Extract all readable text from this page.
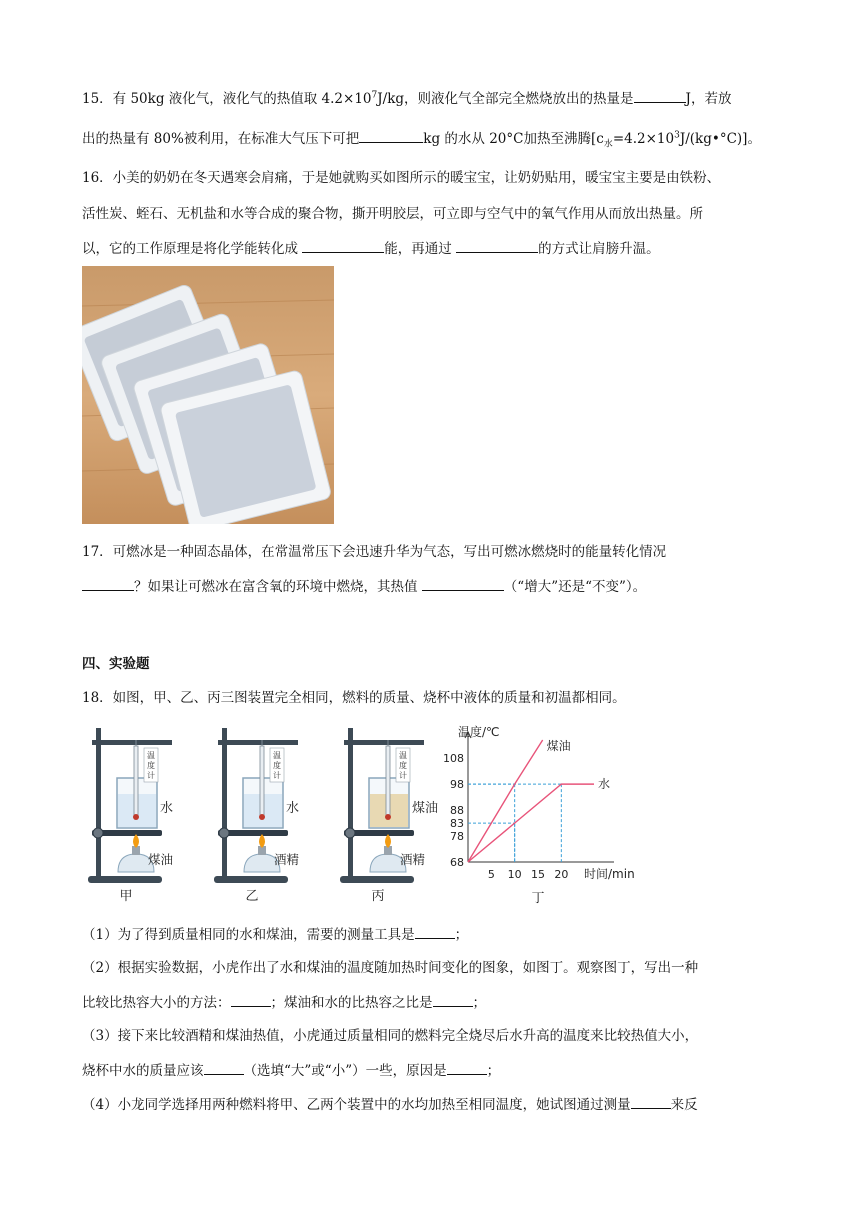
15．有 50kg 液化气，液化气的热值取 $4.2\times 10^7J/kg$，则液化气全部完全燃烧放出的热量是	J，若放
出的热量有 80%被利用，在标准大气压下可把	kg 的水从 20°C加热至沸腾$[c_水=4.2\times 10^3J/(kg•^\circ C)]$。
16．小美的奶奶在冬天遇寒会肩痛，于是她就购买如图所示的暖宝宝，让奶奶贴用，暖宝宝主要是由铁粉、
活性炭、蛭石、无机盐和水等合成的聚合物，撕开明胶层，可立即与空气中的氧气作用从而放出热量。所
以，它的工作原理是将化学能转化成	能，再通过	的方式让肩膀升温。
17．可燃冰是一种固态晶体，在常温常压下会迅速升华为气态，写出可燃冰燃烧时的能量转化情况
？如果让可燃冰在富含氧的环境中燃烧，其热值	（“增大”还是“不变”）。
四、实验题
18．如图，甲、乙、丙三图装置完全相同，燃料的质量、烧杯中液体的质量和初温都相同。
温
度
计
水
煤油
甲
温
度
计
水
酒精
乙
温
度
计
煤油
酒精
丙
温度/℃
时间/min
68
78
83
88
98
108
5 10 15 20
煤油
水
丁
（1）为了得到质量相同的水和煤油，需要的测量工具是	；
（2）根据实验数据，小虎作出了水和煤油的温度随加热时间变化的图象，如图丁。观察图丁，写出一种
比较比热容大小的方法：	；煤油和水的比热容之比是	；
（3）接下来比较酒精和煤油热值，小虎通过质量相同的燃料完全烧尽后水升高的温度来比较热值大小，
烧杯中水的质量应该	（选填“大”或“小”）一些，原因是	；
（4）小龙同学选择用两种燃料将甲、乙两个装置中的水均加热至相同温度，她试图通过测量	来反
